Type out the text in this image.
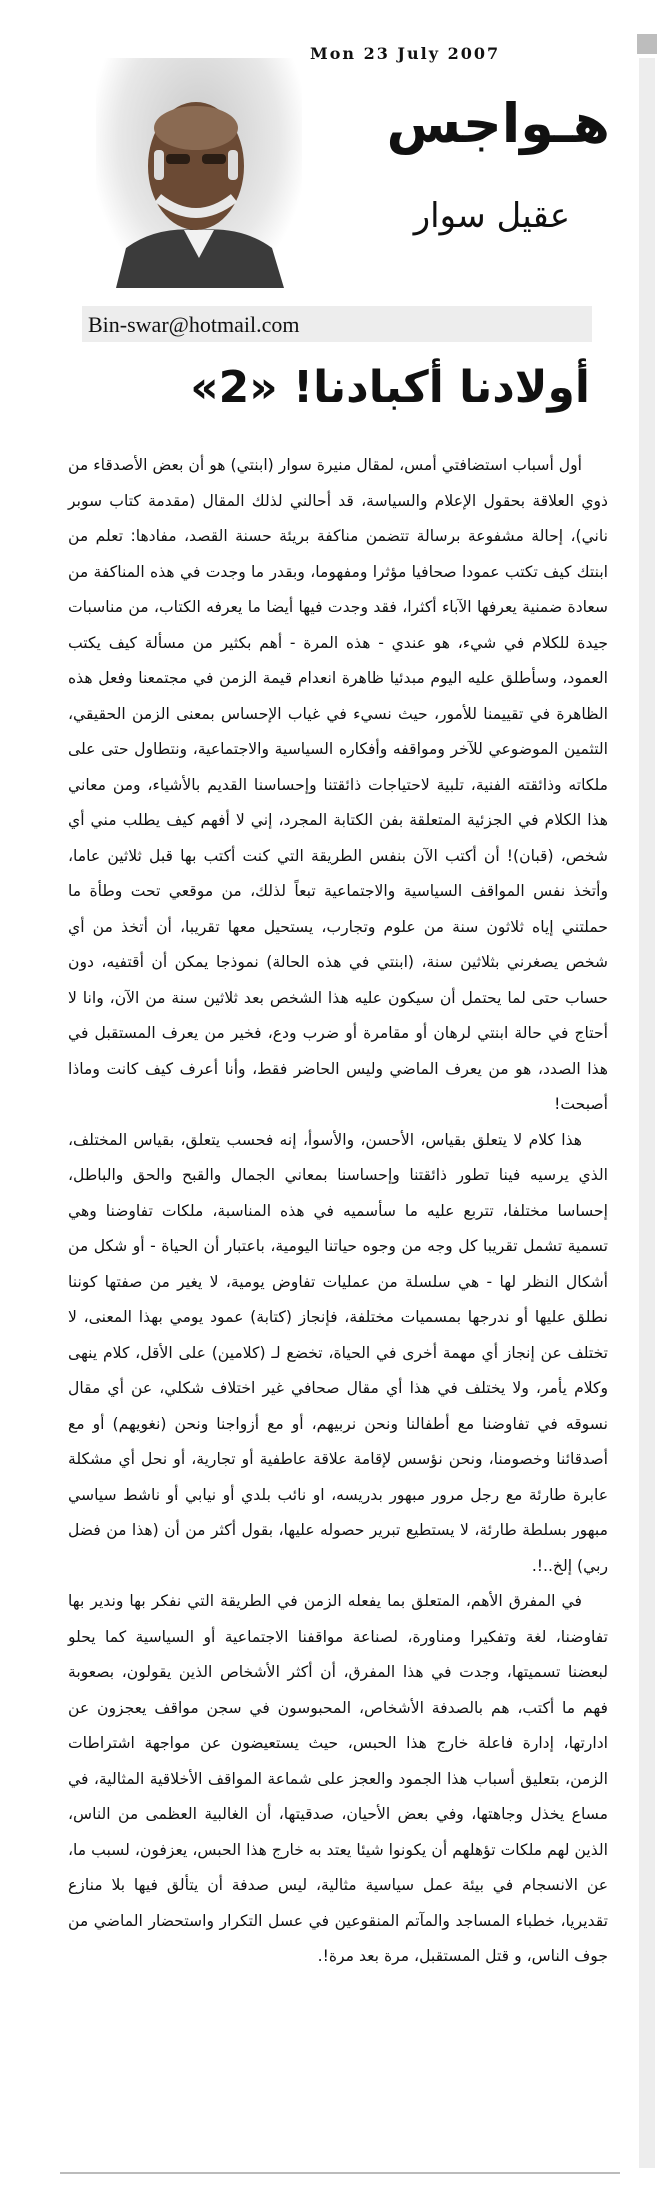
Mon 23 July 2007
هـواجس
عقيل سوار
Bin-swar@hotmail.com
أولادنا أكبادنا! «2»

أول أسباب استضافتي أمس، لمقال منيرة سوار (ابنتي) هو أن بعض الأصدقاء من ذوي العلاقة بحقول الإعلام والسياسة، قد أحالني لذلك المقال (مقدمة كتاب سوبر ناني)، إحالة مشفوعة برسالة تتضمن مناكفة بريئة حسنة القصد، مفادها: تعلم من ابنتك كيف تكتب عمودا صحافيا مؤثرا ومفهوما، وبقدر ما وجدت في هذه المناكفة من سعادة ضمنية يعرفها الآباء أكثرا، فقد وجدت فيها أيضا ما يعرفه الكتاب، من مناسبات جيدة للكلام في شيء، هو عندي - هذه المرة - أهم بكثير من مسألة كيف يكتب العمود، وسأطلق عليه اليوم مبدئيا ظاهرة انعدام قيمة الزمن في مجتمعنا وفعل هذه الظاهرة في تقييمنا للأمور، حيث نسيء في غياب الإحساس بمعنى الزمن الحقيقي، التثمين الموضوعي للآخر ومواقفه وأفكاره السياسية والاجتماعية، ونتطاول حتى على ملكاته وذائقته الفنية، تلبية لاحتياجات ذائقتنا وإحساسنا القديم بالأشياء، ومن معاني هذا الكلام في الجزئية المتعلقة بفن الكتابة المجرد، إني لا أفهم كيف يطلب مني أي شخص، (قبان)! أن أكتب الآن بنفس الطريقة التي كنت أكتب بها قبل ثلاثين عاما، وأتخذ نفس المواقف السياسية والاجتماعية تبعاً لذلك، من موقعي تحت وطأة ما حملتني إياه ثلاثون سنة من علوم وتجارب، يستحيل معها تقريبا، أن أتخذ من أي شخص يصغرني بثلاثين سنة، (ابنتي في هذه الحالة) نموذجا يمكن أن أقتفيه، دون حساب حتى لما يحتمل أن سيكون عليه هذا الشخص بعد ثلاثين سنة من الآن، وانا لا أحتاج في حالة ابنتي لرهان أو مقامرة أو ضرب ودع، فخير من يعرف المستقبل في هذا الصدد، هو من يعرف الماضي وليس الحاضر فقط، وأنا أعرف كيف كانت وماذا أصبحت!

هذا كلام لا يتعلق بقياس، الأحسن، والأسوأ، إنه فحسب يتعلق، بقياس المختلف، الذي يرسيه فينا تطور ذائقتنا وإحساسنا بمعاني الجمال والقبح والحق والباطل، إحساسا مختلفا، تتربع عليه ما سأسميه في هذه المناسبة، ملكات تفاوضنا وهي تسمية تشمل تقريبا كل وجه من وجوه حياتنا اليومية، باعتبار أن الحياة - أو شكل من أشكال النظر لها - هي سلسلة من عمليات تفاوض يومية، لا يغير من صفتها كوننا نطلق عليها أو ندرجها بمسميات مختلفة، فإنجاز (كتابة) عمود يومي بهذا المعنى، لا تختلف عن إنجاز أي مهمة أخرى في الحياة، تخضع لـ (كلامين) على الأقل، كلام ينهى وكلام يأمر، ولا يختلف في هذا أي مقال صحافي غير اختلاف شكلي، عن أي مقال نسوقه في تفاوضنا مع أطفالنا ونحن نربيهم، أو مع أزواجنا ونحن (نغويهم) أو مع أصدقائنا وخصومنا، ونحن نؤسس لإقامة علاقة عاطفية أو تجارية، أو نحل أي مشكلة عابرة طارئة مع رجل مرور مبهور بدريسه، او نائب بلدي أو نيابي أو ناشط سياسي مبهور بسلطة طارئة، لا يستطيع تبرير حصوله عليها، بقول أكثر من أن (هذا من فضل ربي) إلخ..!.

في المفرق الأهم، المتعلق بما يفعله الزمن في الطريقة التي نفكر بها وندير بها تفاوضنا، لغة وتفكيرا ومناورة، لصناعة مواقفنا الاجتماعية أو السياسية كما يحلو لبعضنا تسميتها، وجدت في هذا المفرق، أن أكثر الأشخاص الذين يقولون، بصعوبة فهم ما أكتب، هم بالصدفة الأشخاص، المحبوسون في سجن مواقف يعجزون عن ادارتها، إدارة فاعلة خارج هذا الحبس، حيث يستعيضون عن مواجهة اشتراطات الزمن، بتعليق أسباب هذا الجمود والعجز على شماعة المواقف الأخلاقية المثالية، في مساع يخذل وجاهتها، وفي بعض الأحيان، صدقيتها، أن الغالبية العظمى من الناس، الذين لهم ملكات تؤهلهم أن يكونوا شيئا يعتد به خارج هذا الحبس، يعزفون، لسبب ما، عن الانسجام في بيئة عمل سياسية مثالية، ليس صدفة أن يتألق فيها بلا منازع تقديريا، خطباء المساجد والمآتم المنقوعين في عسل التكرار واستحضار الماضي من جوف الناس، و قتل المستقبل، مرة بعد مرة!.
